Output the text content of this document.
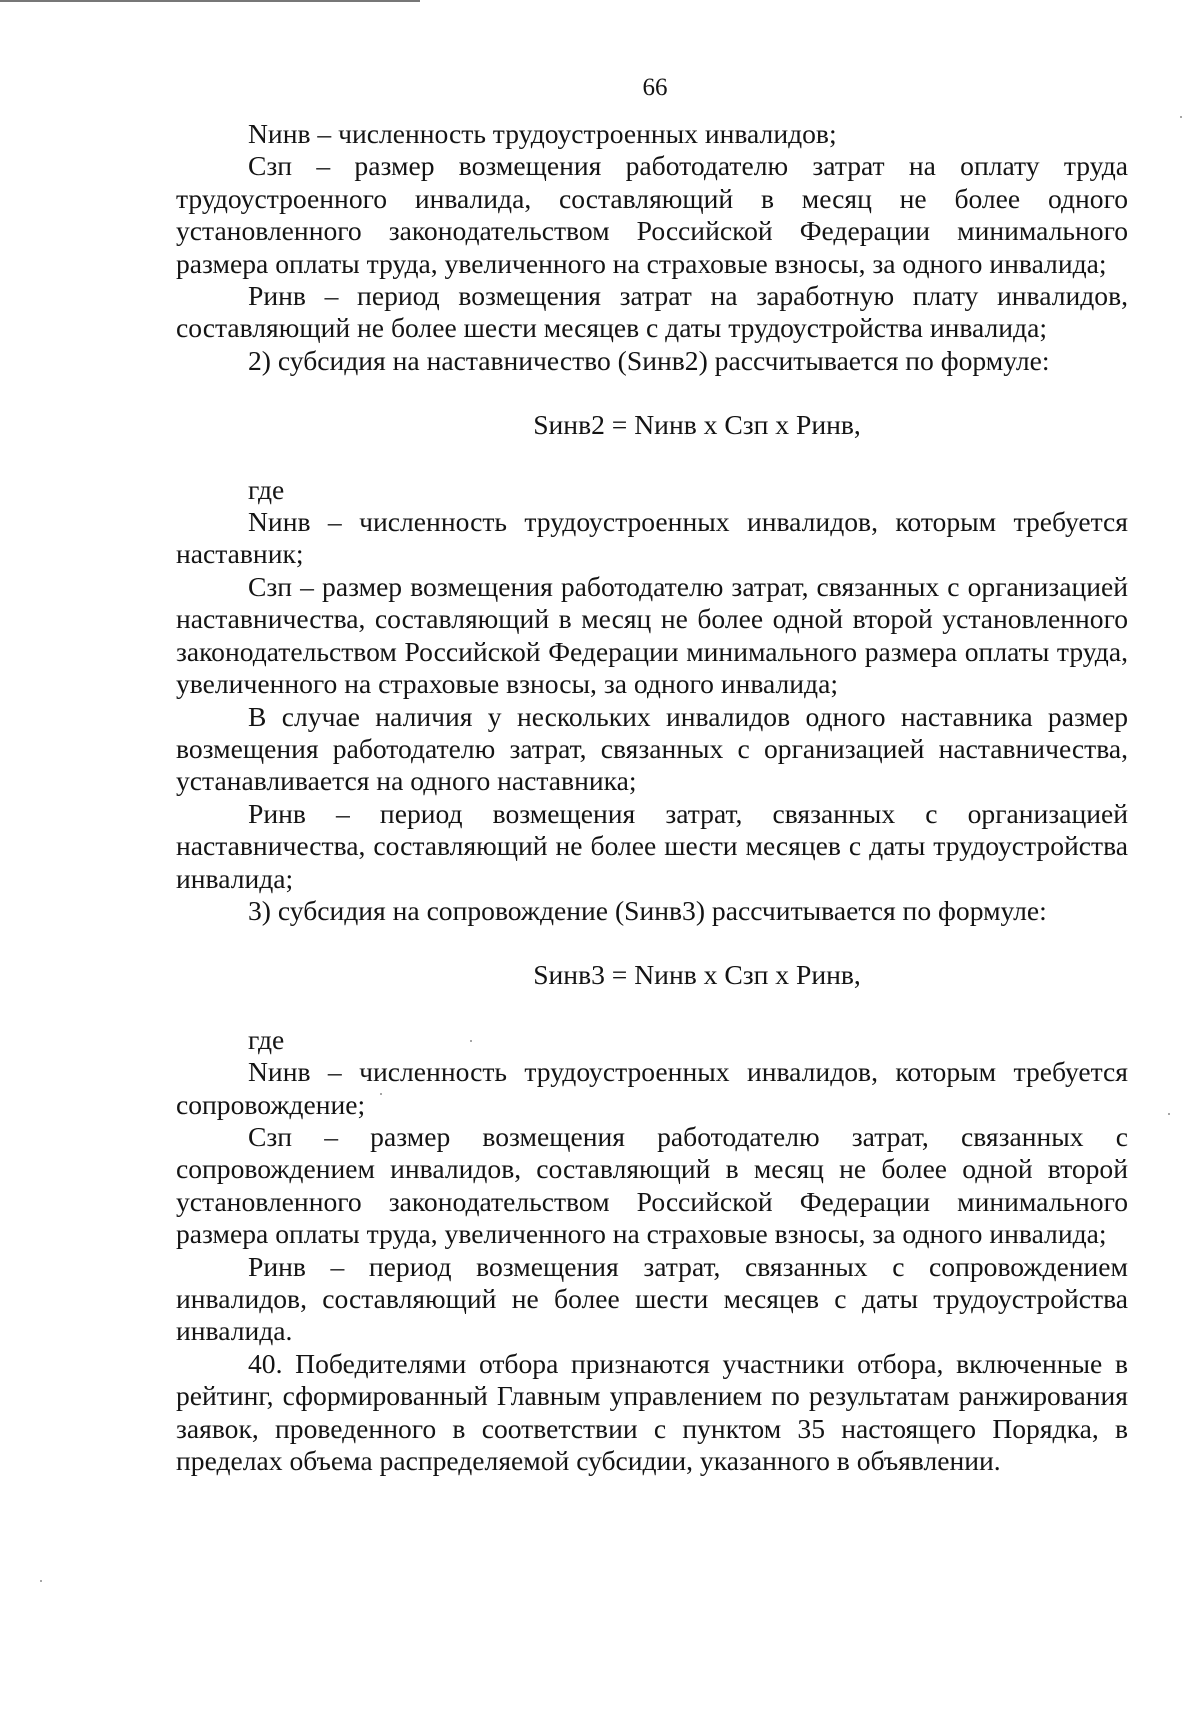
66

Nинв – численность трудоустроенных инвалидов;

Сзп – размер возмещения работодателю затрат на оплату труда трудоустроенного инвалида, составляющий в месяц не более одного установленного законодательством Российской Федерации минимального размера оплаты труда, увеличенного на страховые взносы, за одного инвалида;

Pинв – период возмещения затрат на заработную плату инвалидов, составляющий не более шести месяцев с даты трудоустройства инвалида;

2) субсидия на наставничество (Sинв2) рассчитывается по формуле:

Sинв2 = Nинв х Сзп х Pинв,

где

Nинв – численность трудоустроенных инвалидов, которым требуется наставник;

Сзп – размер возмещения работодателю затрат, связанных с организацией наставничества, составляющий в месяц не более одной второй установленного законодательством Российской Федерации минимального размера оплаты труда, увеличенного на страховые взносы, за одного инвалида;

В случае наличия у нескольких инвалидов одного наставника размер возмещения работодателю затрат, связанных с организацией наставничества, устанавливается на одного наставника;

Pинв – период возмещения затрат, связанных с организацией наставничества, составляющий не более шести месяцев с даты трудоустройства инвалида;

3) субсидия на сопровождение (Sинв3) рассчитывается по формуле:

Sинв3 = Nинв х Сзп х Pинв,

где

Nинв – численность трудоустроенных инвалидов, которым требуется сопровождение;

Сзп – размер возмещения работодателю затрат, связанных с сопровождением инвалидов, составляющий в месяц не более одной второй установленного законодательством Российской Федерации минимального размера оплаты труда, увеличенного на страховые взносы, за одного инвалида;

Pинв – период возмещения затрат, связанных с сопровождением инвалидов, составляющий не более шести месяцев с даты трудоустройства инвалида.

40. Победителями отбора признаются участники отбора, включенные в рейтинг, сформированный Главным управлением по результатам ранжирования заявок, проведенного в соответствии с пунктом 35 настоящего Порядка, в пределах объема распределяемой субсидии, указанного в объявлении.
